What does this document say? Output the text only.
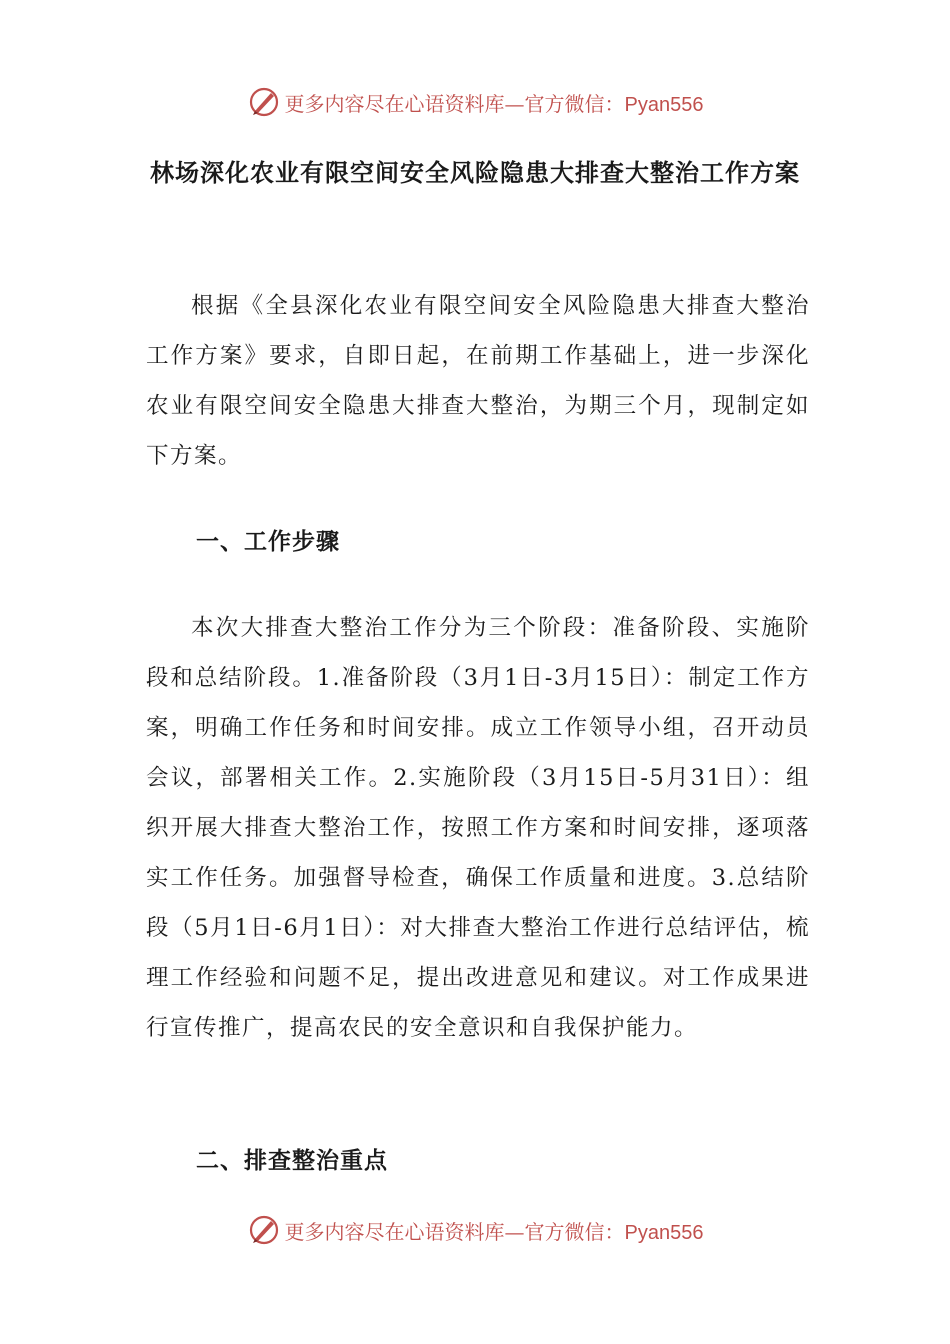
更多内容尽在心语资料库—官方微信：Pyan556
林场深化农业有限空间安全风险隐患大排查大整治工作方案

根据《全县深化农业有限空间安全风险隐患大排查大整治工作方案》要求，自即日起，在前期工作基础上，进一步深化农业有限空间安全隐患大排查大整治，为期三个月，现制定如下方案。

一、工作步骤

本次大排查大整治工作分为三个阶段：准备阶段、实施阶段和总结阶段。1.准备阶段（3月1日-3月15日）：制定工作方案，明确工作任务和时间安排。成立工作领导小组，召开动员会议，部署相关工作。2.实施阶段（3月15日-5月31日）：组织开展大排查大整治工作，按照工作方案和时间安排，逐项落实工作任务。加强督导检查，确保工作质量和进度。3.总结阶段（5月1日-6月1日）：对大排查大整治工作进行总结评估，梳理工作经验和问题不足，提出改进意见和建议。对工作成果进行宣传推广，提高农民的安全意识和自我保护能力。

二、排查整治重点
更多内容尽在心语资料库—官方微信：Pyan556
